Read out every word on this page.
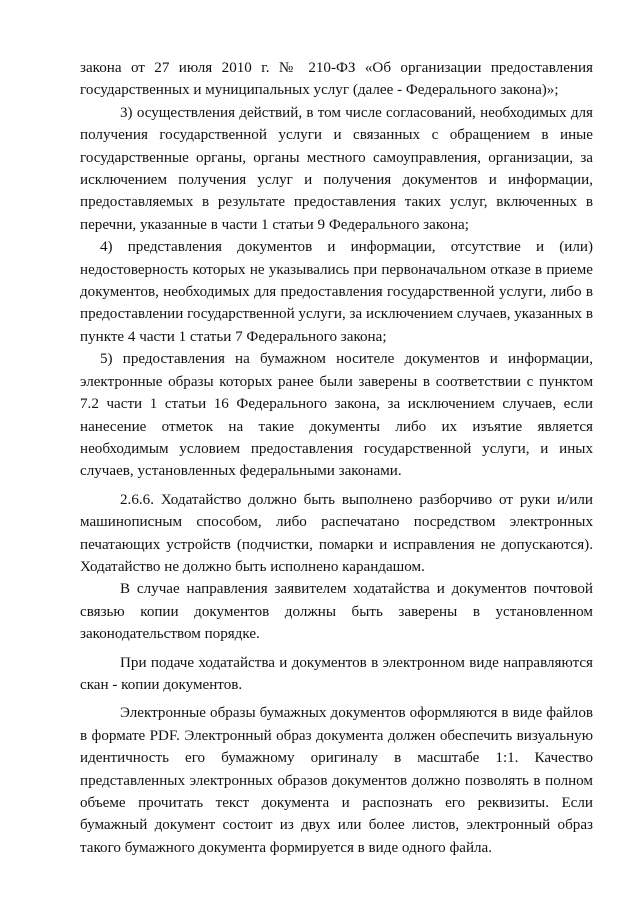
закона от 27 июля 2010 г. № 210-ФЗ «Об организации предоставления государственных и муниципальных услуг (далее - Федерального закона)»;

3) осуществления действий, в том числе согласований, необходимых для получения государственной услуги и связанных с обращением в иные государственные органы, органы местного самоуправления, организации, за исключением получения услуг и получения документов и информации, предоставляемых в результате предоставления таких услуг, включенных в перечни, указанные в части 1 статьи 9 Федерального закона;

4) представления документов и информации, отсутствие и (или) недостоверность которых не указывались при первоначальном отказе в приеме документов, необходимых для предоставления государственной услуги, либо в предоставлении государственной услуги, за исключением случаев, указанных в пункте 4 части 1 статьи 7 Федерального закона;

5) предоставления на бумажном носителе документов и информации, электронные образы которых ранее были заверены в соответствии с пунктом 7.2 части 1 статьи 16 Федерального закона, за исключением случаев, если нанесение отметок на такие документы либо их изъятие является необходимым условием предоставления государственной услуги, и иных случаев, установленных федеральными законами.

2.6.6. Ходатайство должно быть выполнено разборчиво от руки и/или машинописным способом, либо распечатано посредством электронных печатающих устройств (подчистки, помарки и исправления не допускаются). Ходатайство не должно быть исполнено карандашом.

В случае направления заявителем ходатайства и документов почтовой связью копии документов должны быть заверены в установленном законодательством порядке.

При подаче ходатайства и документов в электронном виде направляются скан - копии документов.

Электронные образы бумажных документов оформляются в виде файлов в формате PDF. Электронный образ документа должен обеспечить визуальную идентичность его бумажному оригиналу в масштабе 1:1. Качество представленных электронных образов документов должно позволять в полном объеме прочитать текст документа и распознать его реквизиты. Если бумажный документ состоит из двух или более листов, электронный образ такого бумажного документа формируется в виде одного файла.
